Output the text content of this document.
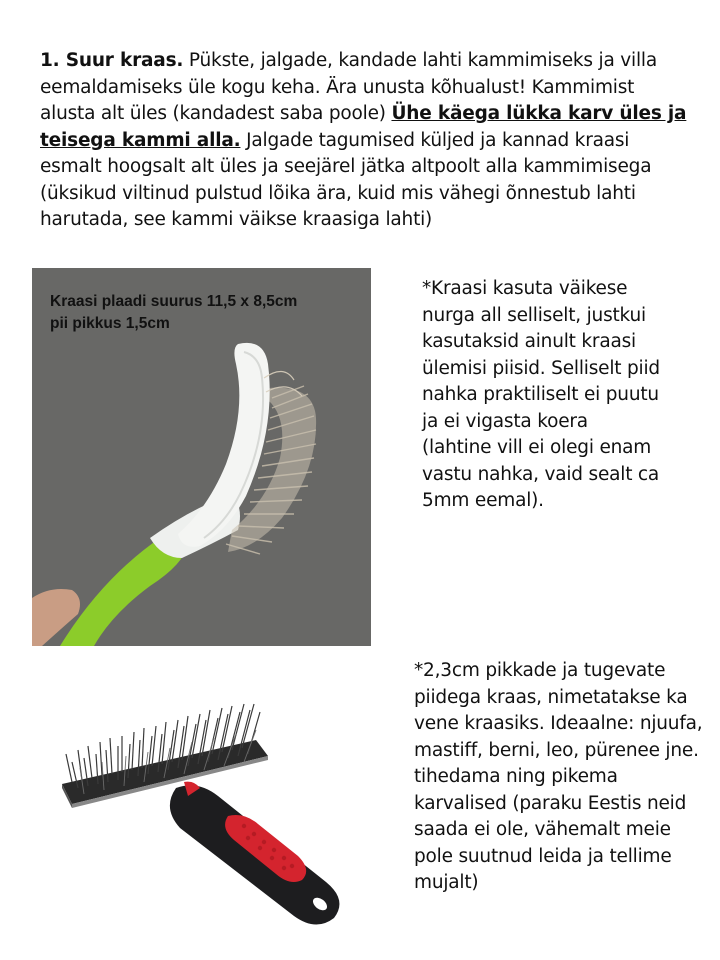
1. Suur kraas. Pükste, jalgade, kandade lahti kammimiseks ja villa eemaldamiseks üle kogu keha. Ära unusta kõhualust! Kammimist alusta alt üles (kandadest saba poole) Ühe käega lükka karv üles ja teisega kammi alla. Jalgade tagumised küljed ja kannad kraasi esmalt hoogsalt alt üles ja seejärel jätka altpoolt alla kammimisega (üksikud viltinud pulstud lõika ära, kuid mis vähegi õnnestub lahti harutada, see kammi väikse kraasiga lahti)
Kraasi plaadi suurus 11,5 x 8,5cm
pii pikkus 1,5cm
*Kraasi kasuta väikese nurga all selliselt, justkui kasutaksid ainult kraasi ülemisi piisid. Selliselt piid nahka praktiliselt ei puutu ja ei vigasta koera (lahtine vill ei olegi enam vastu nahka, vaid sealt ca 5mm eemal).
*2,3cm pikkade ja tugevate piidega kraas, nimetatakse ka vene kraasiks. Ideaalne: njuufa, mastiff, berni, leo, pürenee jne. tihedama ning pikema karvalised (paraku Eestis neid saada ei ole, vähemalt meie pole suutnud leida ja tellime mujalt)
